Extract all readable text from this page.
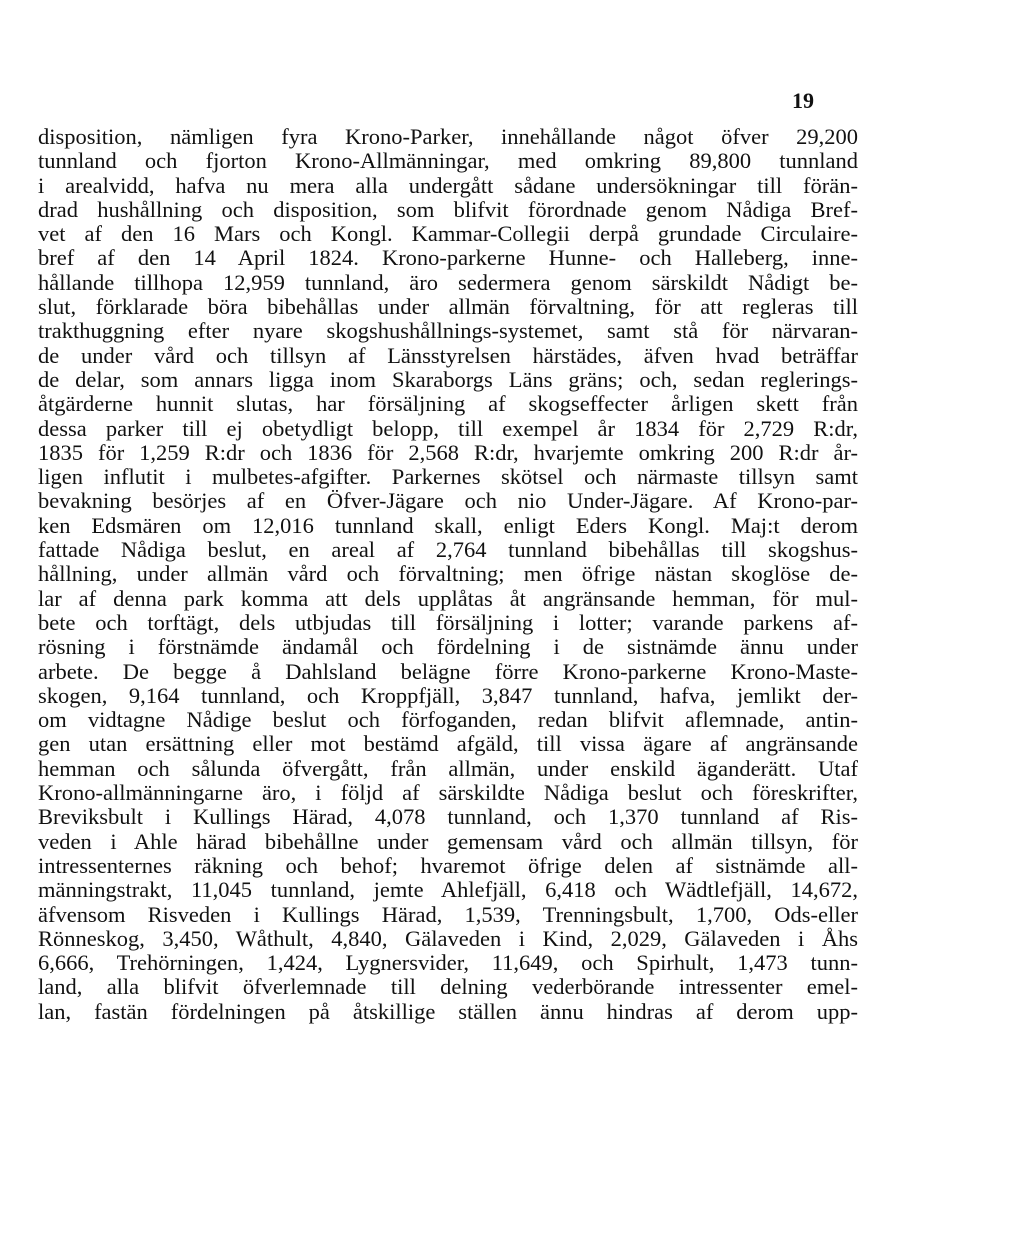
19
disposition, nämligen fyra Krono-Parker, innehållande något öfver 29,200
tunnland och fjorton Krono-Allmänningar, med omkring 89,800 tunnland
i arealvidd, hafva nu mera alla undergått sådane undersökningar till förän-
drad hushållning och disposition, som blifvit förordnade genom Nådiga Bref-
vet af den 16 Mars och Kongl. Kammar-Collegii derpå grundade Circulaire-
bref af den 14 April 1824. Krono-parkerne Hunne- och Halleberg, inne-
hållande tillhopa 12,959 tunnland, äro sedermera genom särskildt Nådigt be-
slut, förklarade böra bibehållas under allmän förvaltning, för att regleras till
trakthuggning efter nyare skogshushållnings-systemet, samt stå för närvaran-
de under vård och tillsyn af Länsstyrelsen härstädes, äfven hvad beträffar
de delar, som annars ligga inom Skaraborgs Läns gräns; och, sedan reglerings-
åtgärderne hunnit slutas, har försäljning af skogseffecter årligen skett från
dessa parker till ej obetydligt belopp, till exempel år 1834 för 2,729 R:dr,
1835 för 1,259 R:dr och 1836 för 2,568 R:dr, hvarjemte omkring 200 R:dr år-
ligen influtit i mulbetes-afgifter. Parkernes skötsel och närmaste tillsyn samt
bevakning besörjes af en Öfver-Jägare och nio Under-Jägare. Af Krono-par-
ken Edsmären om 12,016 tunnland skall, enligt Eders Kongl. Maj:t derom
fattade Nådiga beslut, en areal af 2,764 tunnland bibehållas till skogshus-
hållning, under allmän vård och förvaltning; men öfrige nästan skoglöse de-
lar af denna park komma att dels upplåtas åt angränsande hemman, för mul-
bete och torftägt, dels utbjudas till försäljning i lotter; varande parkens af-
rösning i förstnämde ändamål och fördelning i de sistnämde ännu under
arbete. De begge å Dahlsland belägne förre Krono-parkerne Krono-Maste-
skogen, 9,164 tunnland, och Kroppfjäll, 3,847 tunnland, hafva, jemlikt der-
om vidtagne Nådige beslut och förfoganden, redan blifvit aflemnade, antin-
gen utan ersättning eller mot bestämd afgäld, till vissa ägare af angränsande
hemman och sålunda öfvergått, från allmän, under enskild äganderätt. Utaf
Krono-allmänningarne äro, i följd af särskildte Nådiga beslut och föreskrifter,
Breviksbult i Kullings Härad, 4,078 tunnland, och 1,370 tunnland af Ris-
veden i Ahle härad bibehållne under gemensam vård och allmän tillsyn, för
intressenternes räkning och behof; hvaremot öfrige delen af sistnämde all-
männingstrakt, 11,045 tunnland, jemte Ahlefjäll, 6,418 och Wädtlefjäll, 14,672,
äfvensom Risveden i Kullings Härad, 1,539, Trenningsbult, 1,700, Ods-eller
Rönneskog, 3,450, Wåthult, 4,840, Gälaveden i Kind, 2,029, Gälaveden i Åhs
6,666, Trehörningen, 1,424, Lygnersvider, 11,649, och Spirhult, 1,473 tunn-
land, alla blifvit öfverlemnade till delning vederbörande intressenter emel-
lan, fastän fördelningen på åtskillige ställen ännu hindras af derom upp-
